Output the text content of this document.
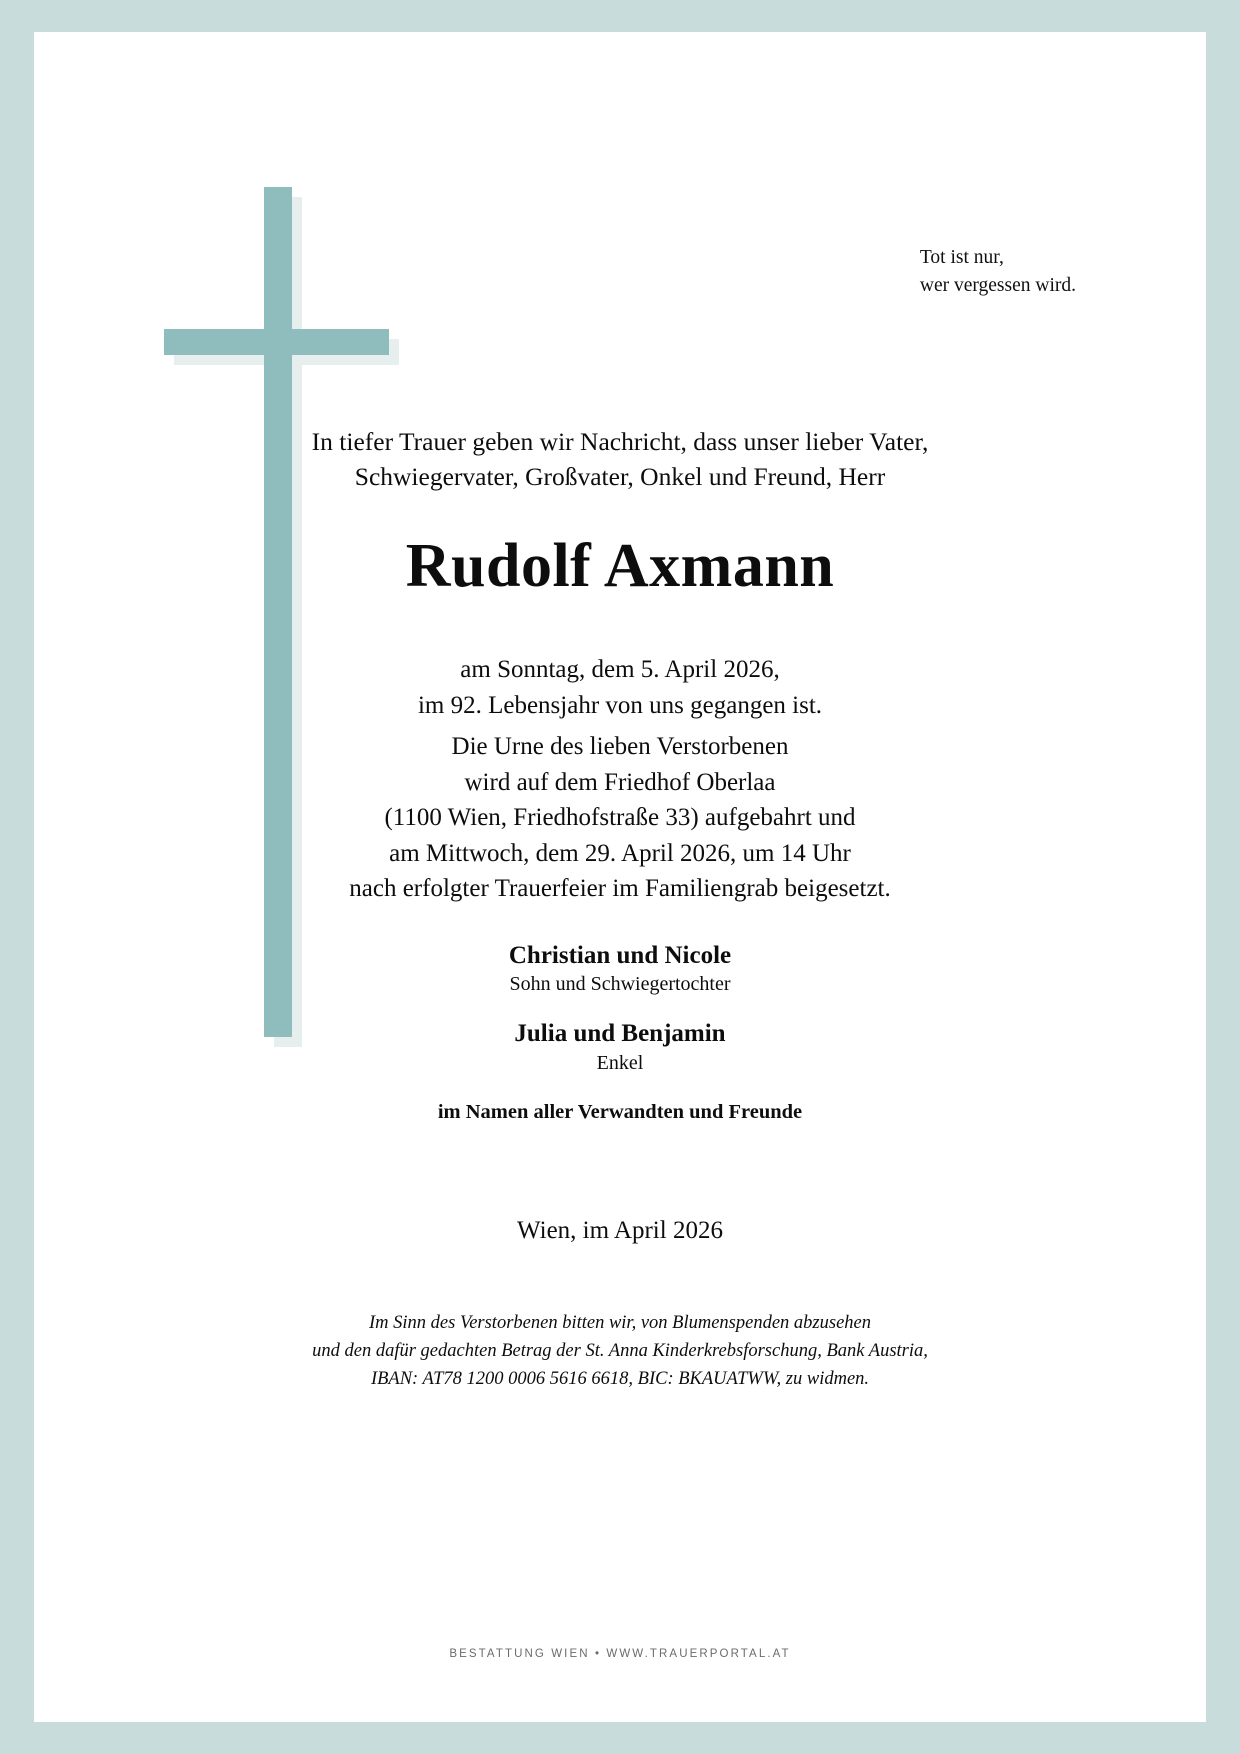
Tot ist nur,
wer vergessen wird.
In tiefer Trauer geben wir Nachricht, dass unser lieber Vater,
Schwiegervater, Großvater, Onkel und Freund, Herr
Rudolf Axmann
am Sonntag, dem 5. April 2026,
im 92. Lebensjahr von uns gegangen ist.
Die Urne des lieben Verstorbenen
wird auf dem Friedhof Oberlaa
(1100 Wien, Friedhofstraße 33) aufgebahrt und
am Mittwoch, dem 29. April 2026, um 14 Uhr
nach erfolgter Trauerfeier im Familiengrab beigesetzt.
Christian und Nicole
Sohn und Schwiegertochter
Julia und Benjamin
Enkel
im Namen aller Verwandten und Freunde
Wien, im April 2026
Im Sinn des Verstorbenen bitten wir, von Blumenspenden abzusehen
und den dafür gedachten Betrag der St. Anna Kinderkrebsforschung, Bank Austria,
IBAN: AT78 1200 0006 5616 6618, BIC: BKAUATWW, zu widmen.
BESTATTUNG WIEN • WWW.TRAUERPORTAL.AT
